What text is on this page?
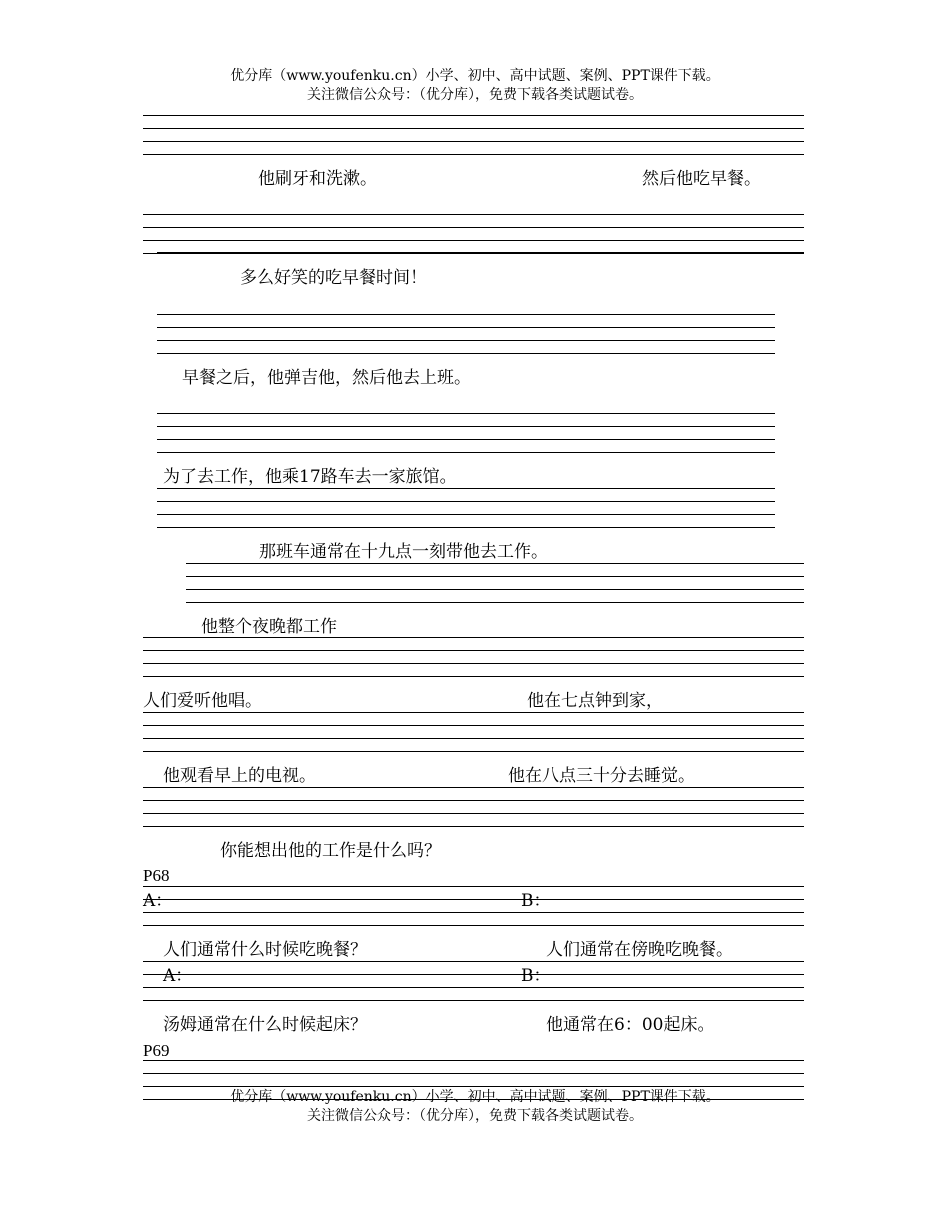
优分库（www.youfenku.cn）小学、初中、高中试题、案例、PPT课件下载。
关注微信公众号：（优分库），免费下载各类试题试卷。
他刷牙和洗漱。	然后他吃早餐。
多么好笑的吃早餐时间！
早餐之后，他弹吉他，然后他去上班。
为了去工作，他乘17路车去一家旅馆。
那班车通常在十九点一刻带他去工作。
他整个夜晚都工作
人们爱听他唱。	他在七点钟到家，
他观看早上的电视。	他在八点三十分去睡觉。
你能想出他的工作是什么吗？
P68
A：	B：
人们通常什么时候吃晚餐？	人们通常在傍晚吃晚餐。
A：	B：
汤姆通常在什么时候起床？	他通常在6：00起床。
P69
优分库（www.youfenku.cn）小学、初中、高中试题、案例、PPT课件下载。
关注微信公众号：（优分库），免费下载各类试题试卷。
